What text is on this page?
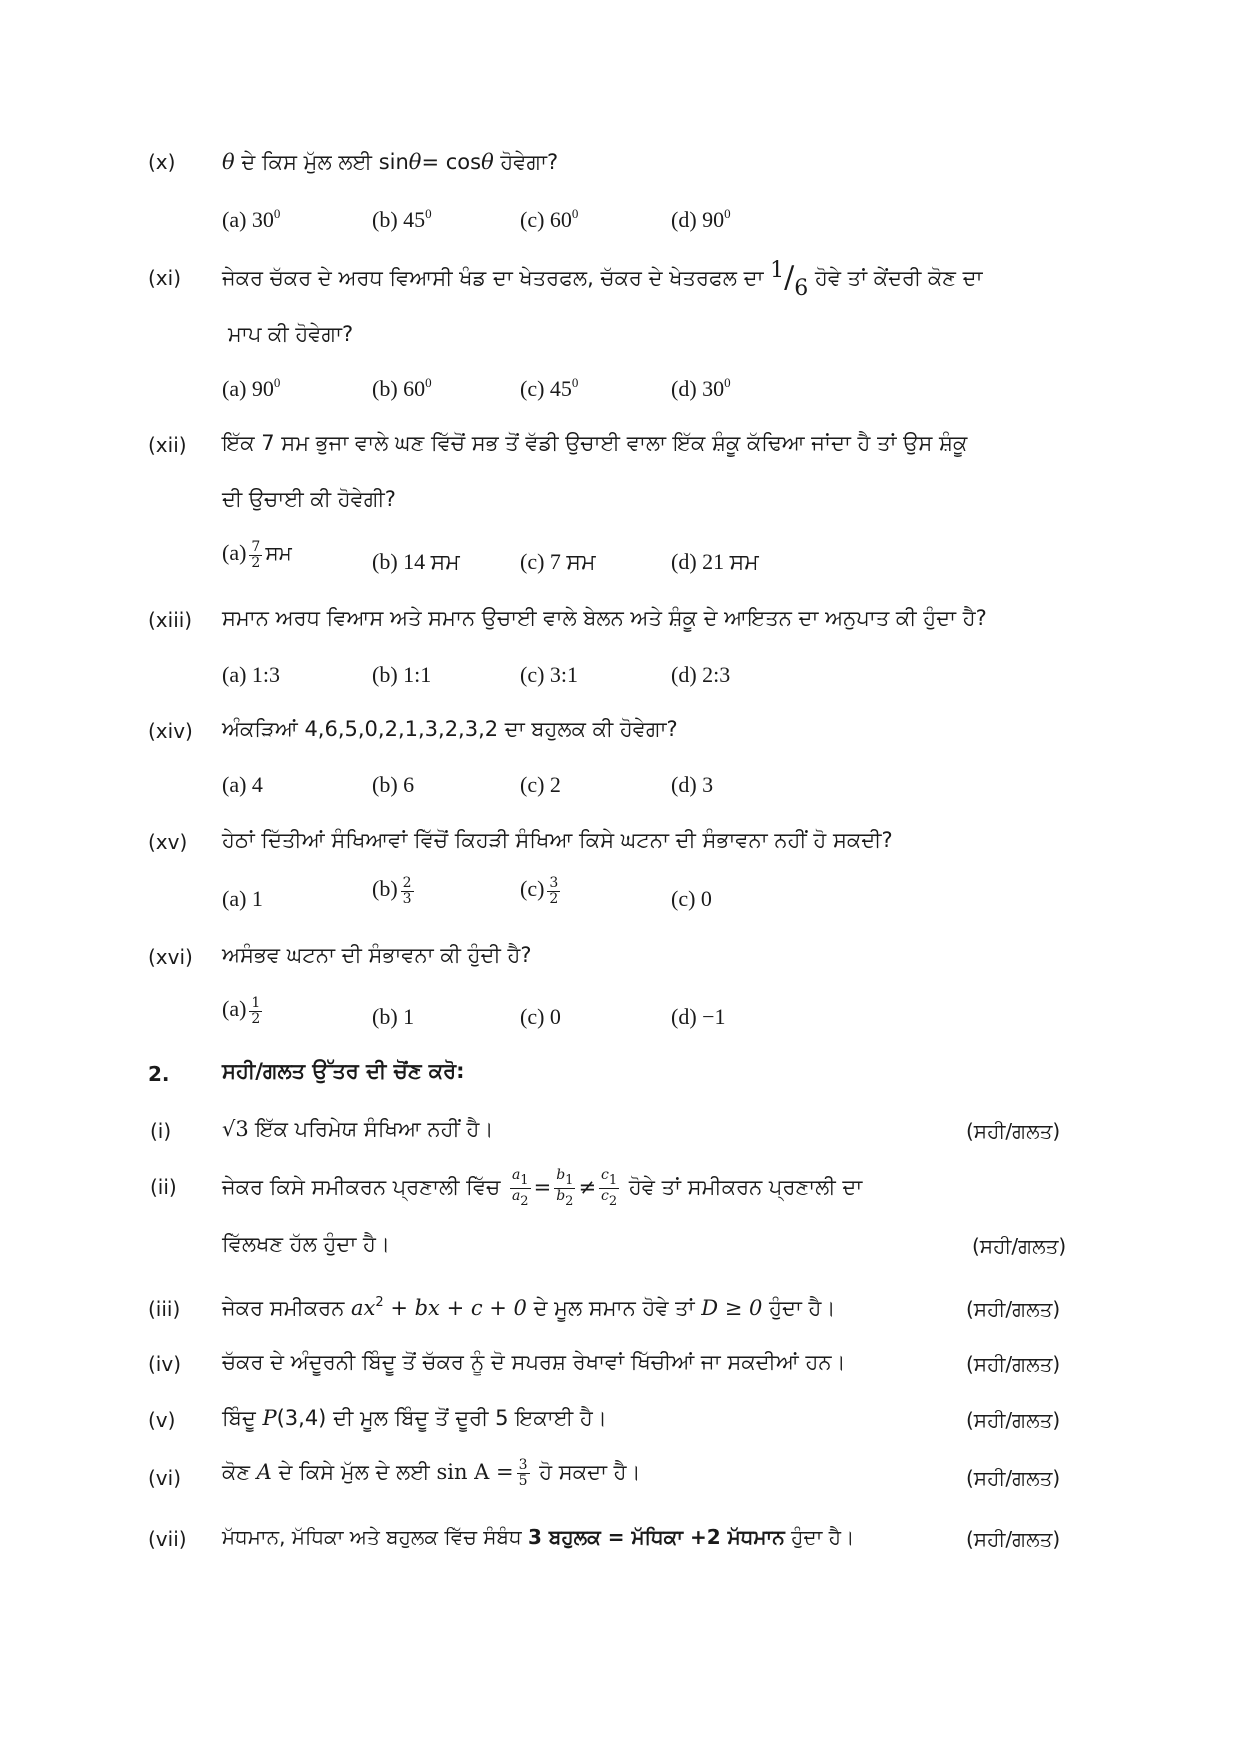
(x) θ ਦੇ ਕਿਸ ਮੁੱਲ ਲਈ sinθ= cosθ ਹੋਵੇਗਾ?
(a) $30^0$	(b) $45^0$	(c) $60^0$	(d) $90^0$
(xi) ਜੇਕਰ ਚੱਕਰ ਦੇ ਅਰਧ ਵਿਆਸੀ ਖੰਡ ਦਾ ਖੇਤਰਫਲ, ਚੱਕਰ ਦੇ ਖੇਤਰਫਲ ਦਾ $^1/_6$ ਹੋਵੇ ਤਾਂ ਕੇਂਦਰੀ ਕੋਣ ਦਾ
ਮਾਪ ਕੀ ਹੋਵੇਗਾ?
(a) $90^0$	(b) $60^0$	(c) $45^0$	(d) $30^0$
(xii) ਇੱਕ 7 ਸਮ ਭੁਜਾ ਵਾਲੇ ਘਣ ਵਿੱਚੋਂ ਸਭ ਤੋਂ ਵੱਡੀ ਉਚਾਈ ਵਾਲਾ ਇੱਕ ਸ਼ੰਕੂ ਕੱਢਿਆ ਜਾਂਦਾ ਹੈ ਤਾਂ ਉਸ ਸ਼ੰਕੂ
ਦੀ ਉਚਾਈ ਕੀ ਹੋਵੇਗੀ?
$(a) \frac{7}{2}$ ਸਮ	(b) 14 ਸਮ	(c) 7 ਸਮ	(d) 21 ਸਮ
(xiii) ਸਮਾਨ ਅਰਧ ਵਿਆਸ ਅਤੇ ਸਮਾਨ ਉਚਾਈ ਵਾਲੇ ਬੇਲਨ ਅਤੇ ਸ਼ੰਕੂ ਦੇ ਆਇਤਨ ਦਾ ਅਨੁਪਾਤ ਕੀ ਹੁੰਦਾ ਹੈ?
(a) 1:3	(b) 1:1	(c) 3:1	(d) 2:3
(xiv) ਅੰਕੜਿਆਂ 4,6,5,0,2,1,3,2,3,2 ਦਾ ਬਹੁਲਕ ਕੀ ਹੋਵੇਗਾ?
(a) 4	(b) 6	(c) 2	(d) 3
(xv) ਹੇਠਾਂ ਦਿੱਤੀਆਂ ਸੰਖਿਆਵਾਂ ਵਿੱਚੋਂ ਕਿਹੜੀ ਸੰਖਿਆ ਕਿਸੇ ਘਟਨਾ ਦੀ ਸੰਭਾਵਨਾ ਨਹੀਂ ਹੋ ਸਕਦੀ?
(a) 1	$(b) \frac{2}{3}$	$(c) \frac{3}{2}$	(c) 0
(xvi) ਅਸੰਭਵ ਘਟਨਾ ਦੀ ਸੰਭਾਵਨਾ ਕੀ ਹੁੰਦੀ ਹੈ?
$(a) \frac{1}{2}$	(b) 1	(c) 0	(d) −1
2. ਸਹੀ/ਗਲਤ ਉੱਤਰ ਦੀ ਚੋਂਣ ਕਰੋ:
(i) √3 ਇੱਕ ਪਰਿਮੇਯ ਸੰਖਿਆ ਨਹੀਂ ਹੈ।	(ਸਹੀ/ਗਲਤ)
(ii) ਜੇਕਰ ਕਿਸੇ ਸਮੀਕਰਨ ਪ੍ਰਣਾਲੀ ਵਿੱਚ $\frac{a_1}{a_2} = \frac{b_1}{b_2} \ne \frac{c_1}{c_2}$ ਹੋਵੇ ਤਾਂ ਸਮੀਕਰਨ ਪ੍ਰਣਾਲੀ ਦਾ
ਵਿੱਲਖਣ ਹੱਲ ਹੁੰਦਾ ਹੈ।	(ਸਹੀ/ਗਲਤ)
(iii) ਜੇਕਰ ਸਮੀਕਰਨ $ax^2$ + bx + c + 0 ਦੇ ਮੂਲ ਸਮਾਨ ਹੋਵੇ ਤਾਂ D ≥ 0 ਹੁੰਦਾ ਹੈ।	(ਸਹੀ/ਗਲਤ)
(iv) ਚੱਕਰ ਦੇ ਅੰਦੂਰਨੀ ਬਿੰਦੂ ਤੋਂ ਚੱਕਰ ਨੂੰ ਦੋ ਸਪਰਸ਼ ਰੇਖਾਵਾਂ ਖਿੱਚੀਆਂ ਜਾ ਸਕਦੀਆਂ ਹਨ।	(ਸਹੀ/ਗਲਤ)
(v) ਬਿੰਦੂ P(3,4) ਦੀ ਮੂਲ ਬਿੰਦੂ ਤੋਂ ਦੂਰੀ 5 ਇਕਾਈ ਹੈ।	(ਸਹੀ/ਗਲਤ)
(vi) ਕੋਣ A ਦੇ ਕਿਸੇ ਮੁੱਲ ਦੇ ਲਈ $\sin A = \frac{3}{5}$ ਹੋ ਸਕਦਾ ਹੈ।	(ਸਹੀ/ਗਲਤ)
(vii) ਮੱਧਮਾਨ, ਮੱਧਿਕਾ ਅਤੇ ਬਹੁਲਕ ਵਿੱਚ ਸੰਬੰਧ 3 ਬਹੁਲਕ = ਮੱਧਿਕਾ +2 ਮੱਧਮਾਨ ਹੁੰਦਾ ਹੈ।	(ਸਹੀ/ਗਲਤ)
